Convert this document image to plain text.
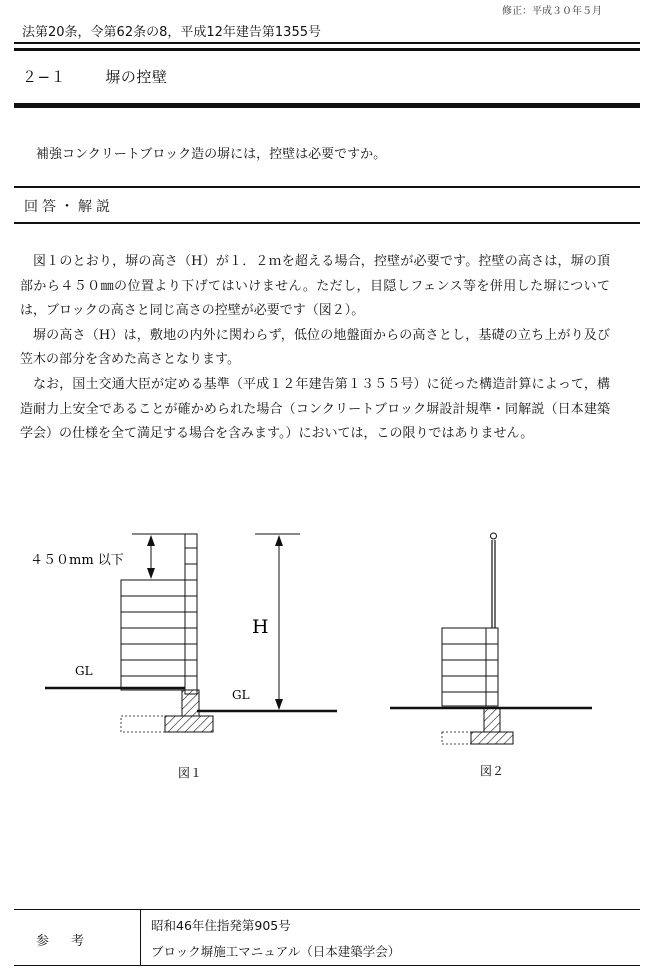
修正：平成３０年５月
法第20条，令第62条の8，平成12年建告第1355号
２−１	塀の控壁
補強コンクリートブロック造の塀には，控壁は必要ですか。
回答・解説

図１のとおり，塀の高さ（H）が１．２ｍを超える場合，控壁が必要です。控壁の高さは，塀の頂部から４５０㎜の位置より下げてはいけません。ただし，目隠しフェンス等を併用した塀については，ブロックの高さと同じ高さの控壁が必要です（図２）。

塀の高さ（H）は，敷地の内外に関わらず，低位の地盤面からの高さとし，基礎の立ち上がり及び笠木の部分を含めた高さとなります。

なお，国土交通大臣が定める基準（平成１２年建告第１３５５号）に従った構造計算によって，構造耐力上安全であることが確かめられた場合（コンクリートブロック塀設計規準・同解説（日本建築学会）の仕様を全て満足する場合を含みます。）においては，この限りではありません。

４５０mm 以下
GL
GL
H
図１	図２
参考
昭和46年住指発第905号
ブロック塀施工マニュアル（日本建築学会）
